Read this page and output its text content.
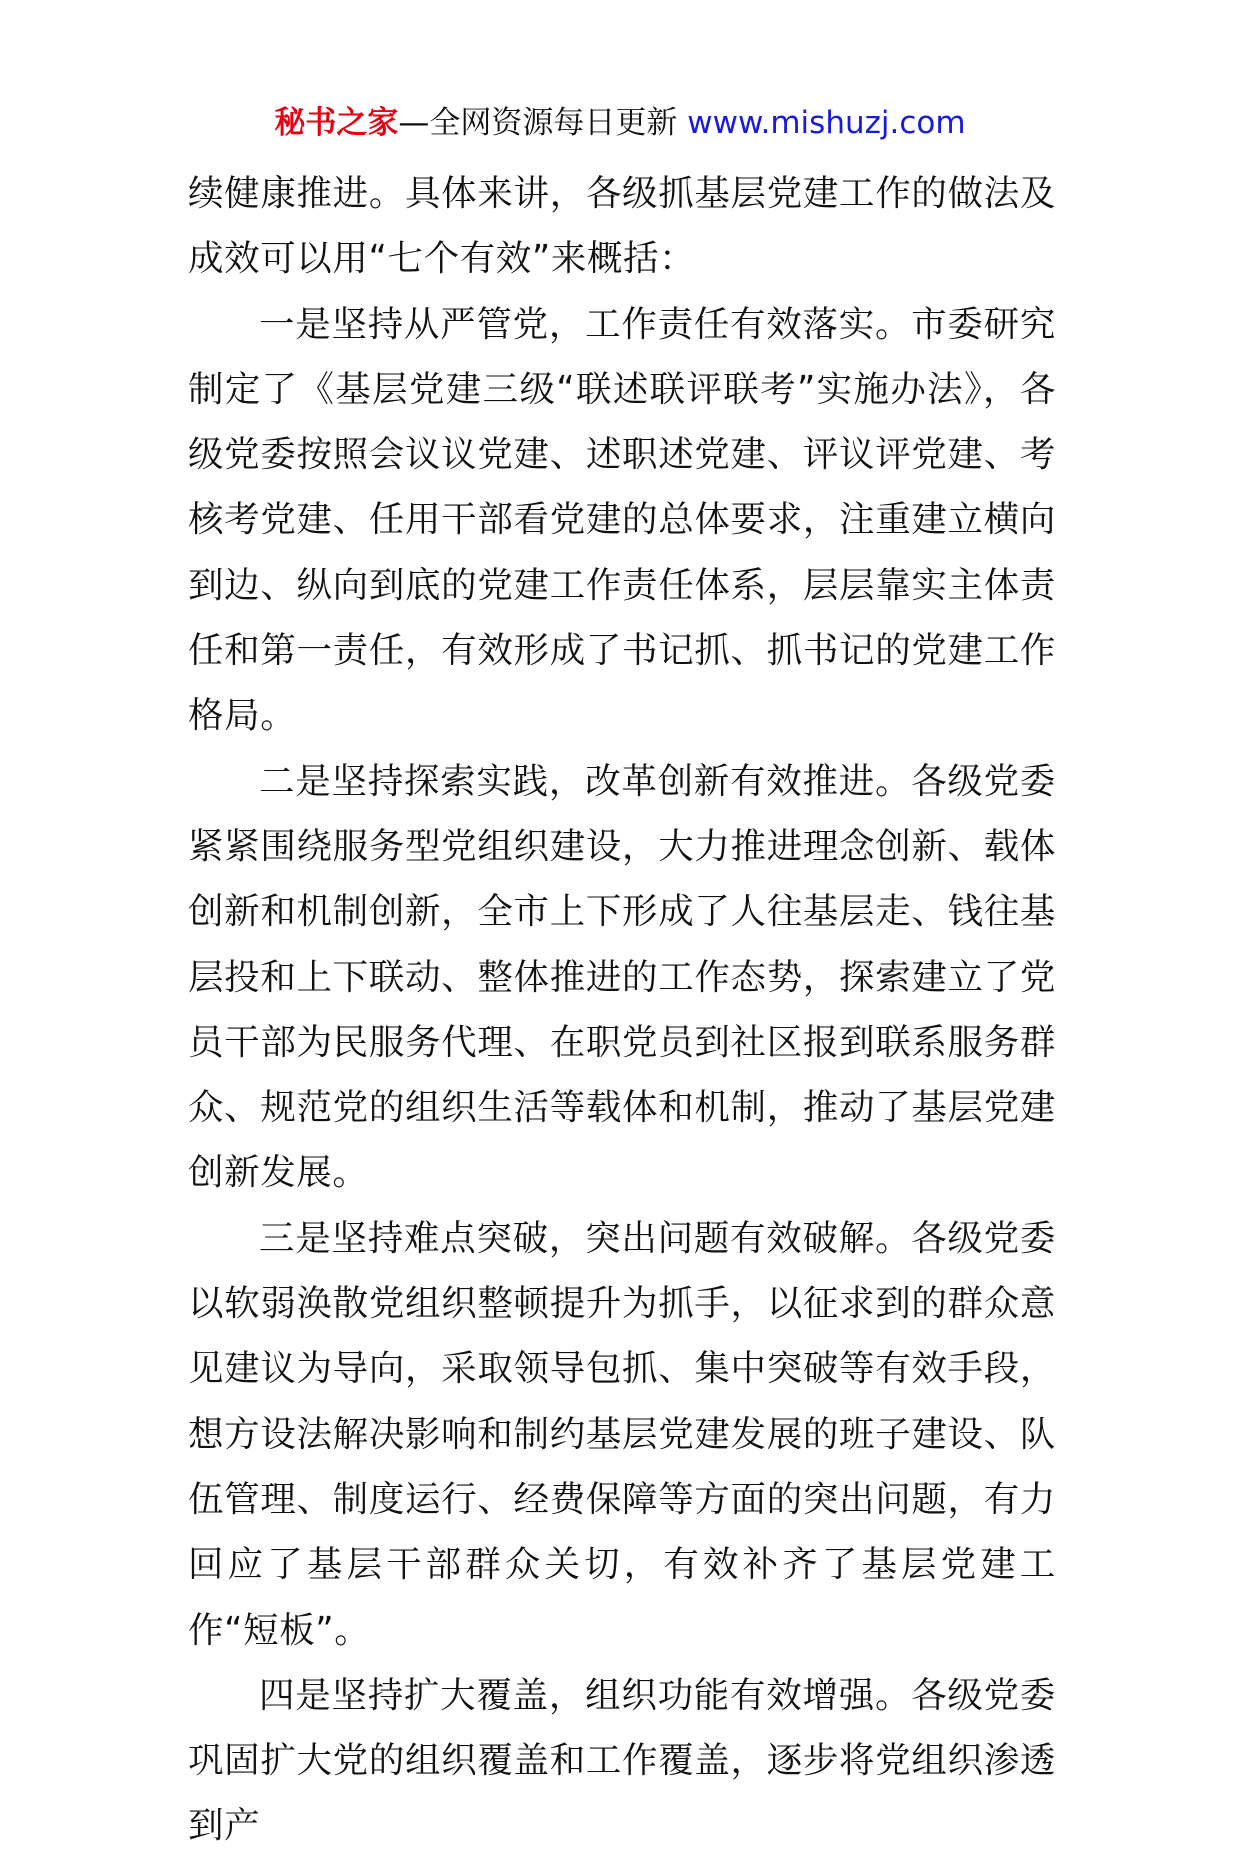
秘书之家—全网资源每日更新 www.mishuzj.com

续健康推进。具体来讲，各级抓基层党建工作的做法及成效可以用“七个有效”来概括：

一是坚持从严管党，工作责任有效落实。市委研究制定了《基层党建三级“联述联评联考”实施办法》，各级党委按照会议议党建、述职述党建、评议评党建、考核考党建、任用干部看党建的总体要求，注重建立横向到边、纵向到底的党建工作责任体系，层层靠实主体责任和第一责任，有效形成了书记抓、抓书记的党建工作格局。

二是坚持探索实践，改革创新有效推进。各级党委紧紧围绕服务型党组织建设，大力推进理念创新、载体创新和机制创新，全市上下形成了人往基层走、钱往基层投和上下联动、整体推进的工作态势，探索建立了党员干部为民服务代理、在职党员到社区报到联系服务群众、规范党的组织生活等载体和机制，推动了基层党建创新发展。

三是坚持难点突破，突出问题有效破解。各级党委以软弱涣散党组织整顿提升为抓手，以征求到的群众意见建议为导向，采取领导包抓、集中突破等有效手段，想方设法解决影响和制约基层党建发展的班子建设、队伍管理、制度运行、经费保障等方面的突出问题，有力回应了基层干部群众关切，有效补齐了基层党建工作“短板”。

四是坚持扩大覆盖，组织功能有效增强。各级党委巩固扩大党的组织覆盖和工作覆盖，逐步将党组织渗透到产
